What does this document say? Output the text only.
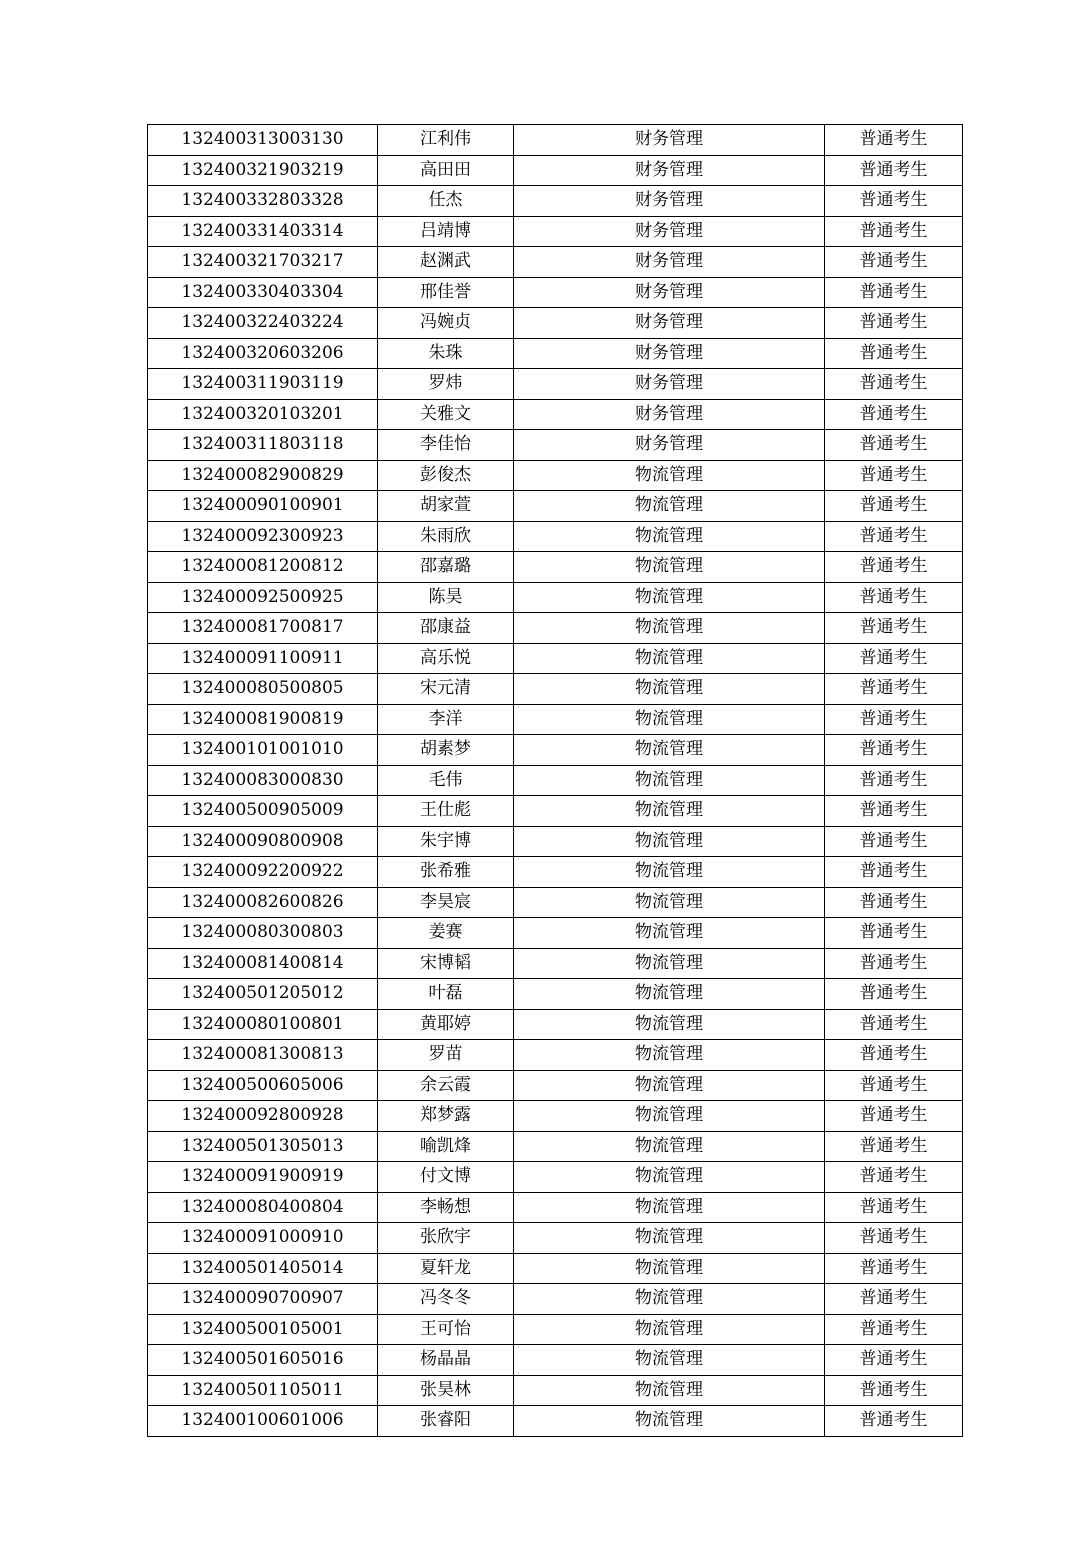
132400313003130	江利伟	财务管理	普通考生
132400321903219	高田田	财务管理	普通考生
132400332803328	任杰	财务管理	普通考生
132400331403314	吕靖博	财务管理	普通考生
132400321703217	赵渊武	财务管理	普通考生
132400330403304	邢佳誉	财务管理	普通考生
132400322403224	冯婉贞	财务管理	普通考生
132400320603206	朱珠	财务管理	普通考生
132400311903119	罗炜	财务管理	普通考生
132400320103201	关雅文	财务管理	普通考生
132400311803118	李佳怡	财务管理	普通考生
132400082900829	彭俊杰	物流管理	普通考生
132400090100901	胡家萱	物流管理	普通考生
132400092300923	朱雨欣	物流管理	普通考生
132400081200812	邵嘉璐	物流管理	普通考生
132400092500925	陈昊	物流管理	普通考生
132400081700817	邵康益	物流管理	普通考生
132400091100911	高乐悦	物流管理	普通考生
132400080500805	宋元清	物流管理	普通考生
132400081900819	李洋	物流管理	普通考生
132400101001010	胡素梦	物流管理	普通考生
132400083000830	毛伟	物流管理	普通考生
132400500905009	王仕彪	物流管理	普通考生
132400090800908	朱宇博	物流管理	普通考生
132400092200922	张希雅	物流管理	普通考生
132400082600826	李昊宸	物流管理	普通考生
132400080300803	姜赛	物流管理	普通考生
132400081400814	宋博韬	物流管理	普通考生
132400501205012	叶磊	物流管理	普通考生
132400080100801	黄耶婷	物流管理	普通考生
132400081300813	罗苗	物流管理	普通考生
132400500605006	余云霞	物流管理	普通考生
132400092800928	郑梦露	物流管理	普通考生
132400501305013	喻凯烽	物流管理	普通考生
132400091900919	付文博	物流管理	普通考生
132400080400804	李畅想	物流管理	普通考生
132400091000910	张欣宇	物流管理	普通考生
132400501405014	夏轩龙	物流管理	普通考生
132400090700907	冯冬冬	物流管理	普通考生
132400500105001	王可怡	物流管理	普通考生
132400501605016	杨晶晶	物流管理	普通考生
132400501105011	张昊林	物流管理	普通考生
132400100601006	张睿阳	物流管理	普通考生
